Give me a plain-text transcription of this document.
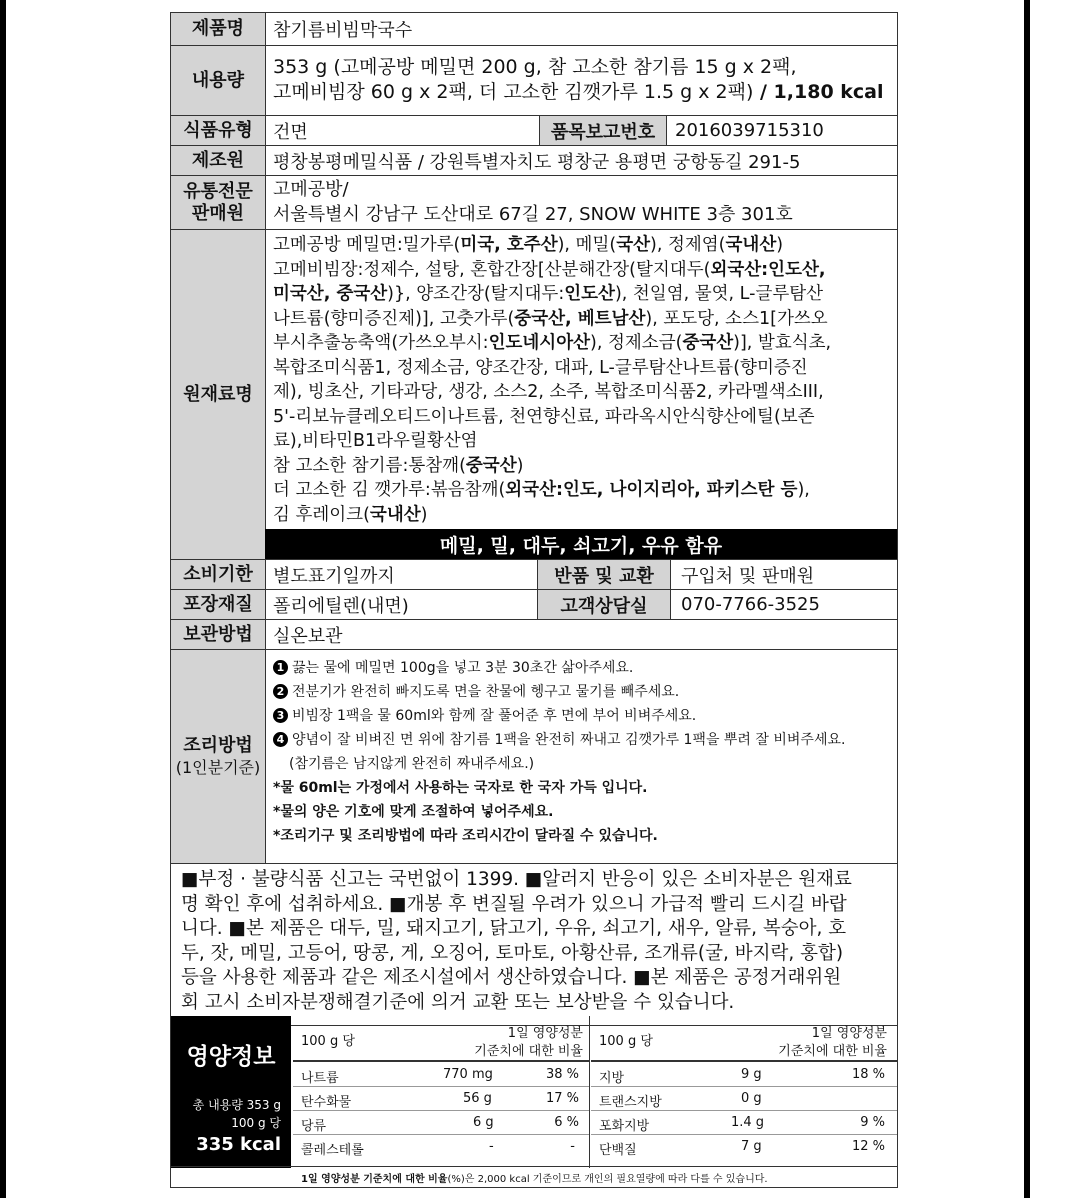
제품명	참기름비빔막국수
내용량
353 g (고메공방 메밀면 200 g, 참 고소한 참기름 15 g x 2팩,
고메비빔장 60 g x 2팩, 더 고소한 김깻가루 1.5 g x 2팩) / 1,180 kcal
식품유형	건면	품목보고번호	2016039715310
제조원	평창봉평메밀식품 / 강원특별자치도 평창군 용평면 궁항동길 291-5
유통전문
판매원
고메공방/
서울특별시 강남구 도산대로 67길 27, SNOW WHITE 3층 301호
원재료명
고메공방 메밀면:밀가루(미국, 호주산), 메밀(국산), 정제염(국내산)
고메비빔장:정제수, 설탕, 혼합간장[산분해간장(탈지대두(외국산:인도산,
미국산, 중국산)}, 양조간장(탈지대두:인도산), 천일염, 물엿, L-글루탐산
나트륨(향미증진제)], 고춧가루(중국산, 베트남산), 포도당, 소스1[가쓰오
부시추출농축액(가쓰오부시:인도네시아산), 정제소금(중국산)], 발효식초,
복합조미식품1, 정제소금, 양조간장, 대파, L-글루탐산나트륨(향미증진
제), 빙초산, 기타과당, 생강, 소스2, 소주, 복합조미식품2, 카라멜색소III,
5'-리보뉴클레오티드이나트륨, 천연향신료, 파라옥시안식향산에틸(보존
료),비타민B1라우릴황산염
참 고소한 참기름:통참깨(중국산)
더 고소한 김 깻가루:볶음참깨(외국산:인도, 나이지리아, 파키스탄 등),
김 후레이크(국내산)
메밀, 밀, 대두, 쇠고기, 우유 함유
소비기한	별도표기일까지	반품 및 교환	구입처 및 판매원
포장재질	폴리에틸렌(내면)	고객상담실	070-7766-3525
보관방법	실온보관
조리방법
(1인분기준)
1 끓는 물에 메밀면 100g을 넣고 3분 30초간 삶아주세요.
2 전분기가 완전히 빠지도록 면을 찬물에 헹구고 물기를 빼주세요.
3 비빔장 1팩을 물 60ml와 함께 잘 풀어준 후 면에 부어 비벼주세요.
4 양념이 잘 비벼진 면 위에 참기름 1팩을 완전히 짜내고 김깻가루 1팩을 뿌려 잘 비벼주세요.
(참기름은 남지않게 완전히 짜내주세요.)
*물 60ml는 가정에서 사용하는 국자로 한 국자 가득 입니다.
*물의 양은 기호에 맞게 조절하여 넣어주세요.
*조리기구 및 조리방법에 따라 조리시간이 달라질 수 있습니다.
■부정 · 불량식품 신고는 국번없이 1399. ■알러지 반응이 있은 소비자분은 원재료
명 확인 후에 섭취하세요. ■개봉 후 변질될 우려가 있으니 가급적 빨리 드시길 바랍
니다. ■본 제품은 대두, 밀, 돼지고기, 닭고기, 우유, 쇠고기, 새우, 알류, 복숭아, 호
두, 잣, 메밀, 고등어, 땅콩, 게, 오징어, 토마토, 아황산류, 조개류(굴, 바지락, 홍합)
등을 사용한 제품과 같은 제조시설에서 생산하였습니다. ■본 제품은 공정거래위원
회 고시 소비자분쟁해결기준에 의거 교환 또는 보상받을 수 있습니다.
영양정보
총 내용량 353 g
100 g 당
335 kcal
100 g 당
1일 영양성분
기준치에 대한 비율
나트륨	770 mg	38 %
탄수화물	56 g	17 %
당류	6 g	6 %
콜레스테롤	-	-
100 g 당
1일 영양성분
기준치에 대한 비율
지방	9 g	18 %
트랜스지방	0 g
포화지방	1.4 g	9 %
단백질	7 g	12 %
1일 영양성분 기준치에 대한 비율 (%)은 2,000 kcal 기준이므로 개인의 필요열량에 따라 다를 수 있습니다.
